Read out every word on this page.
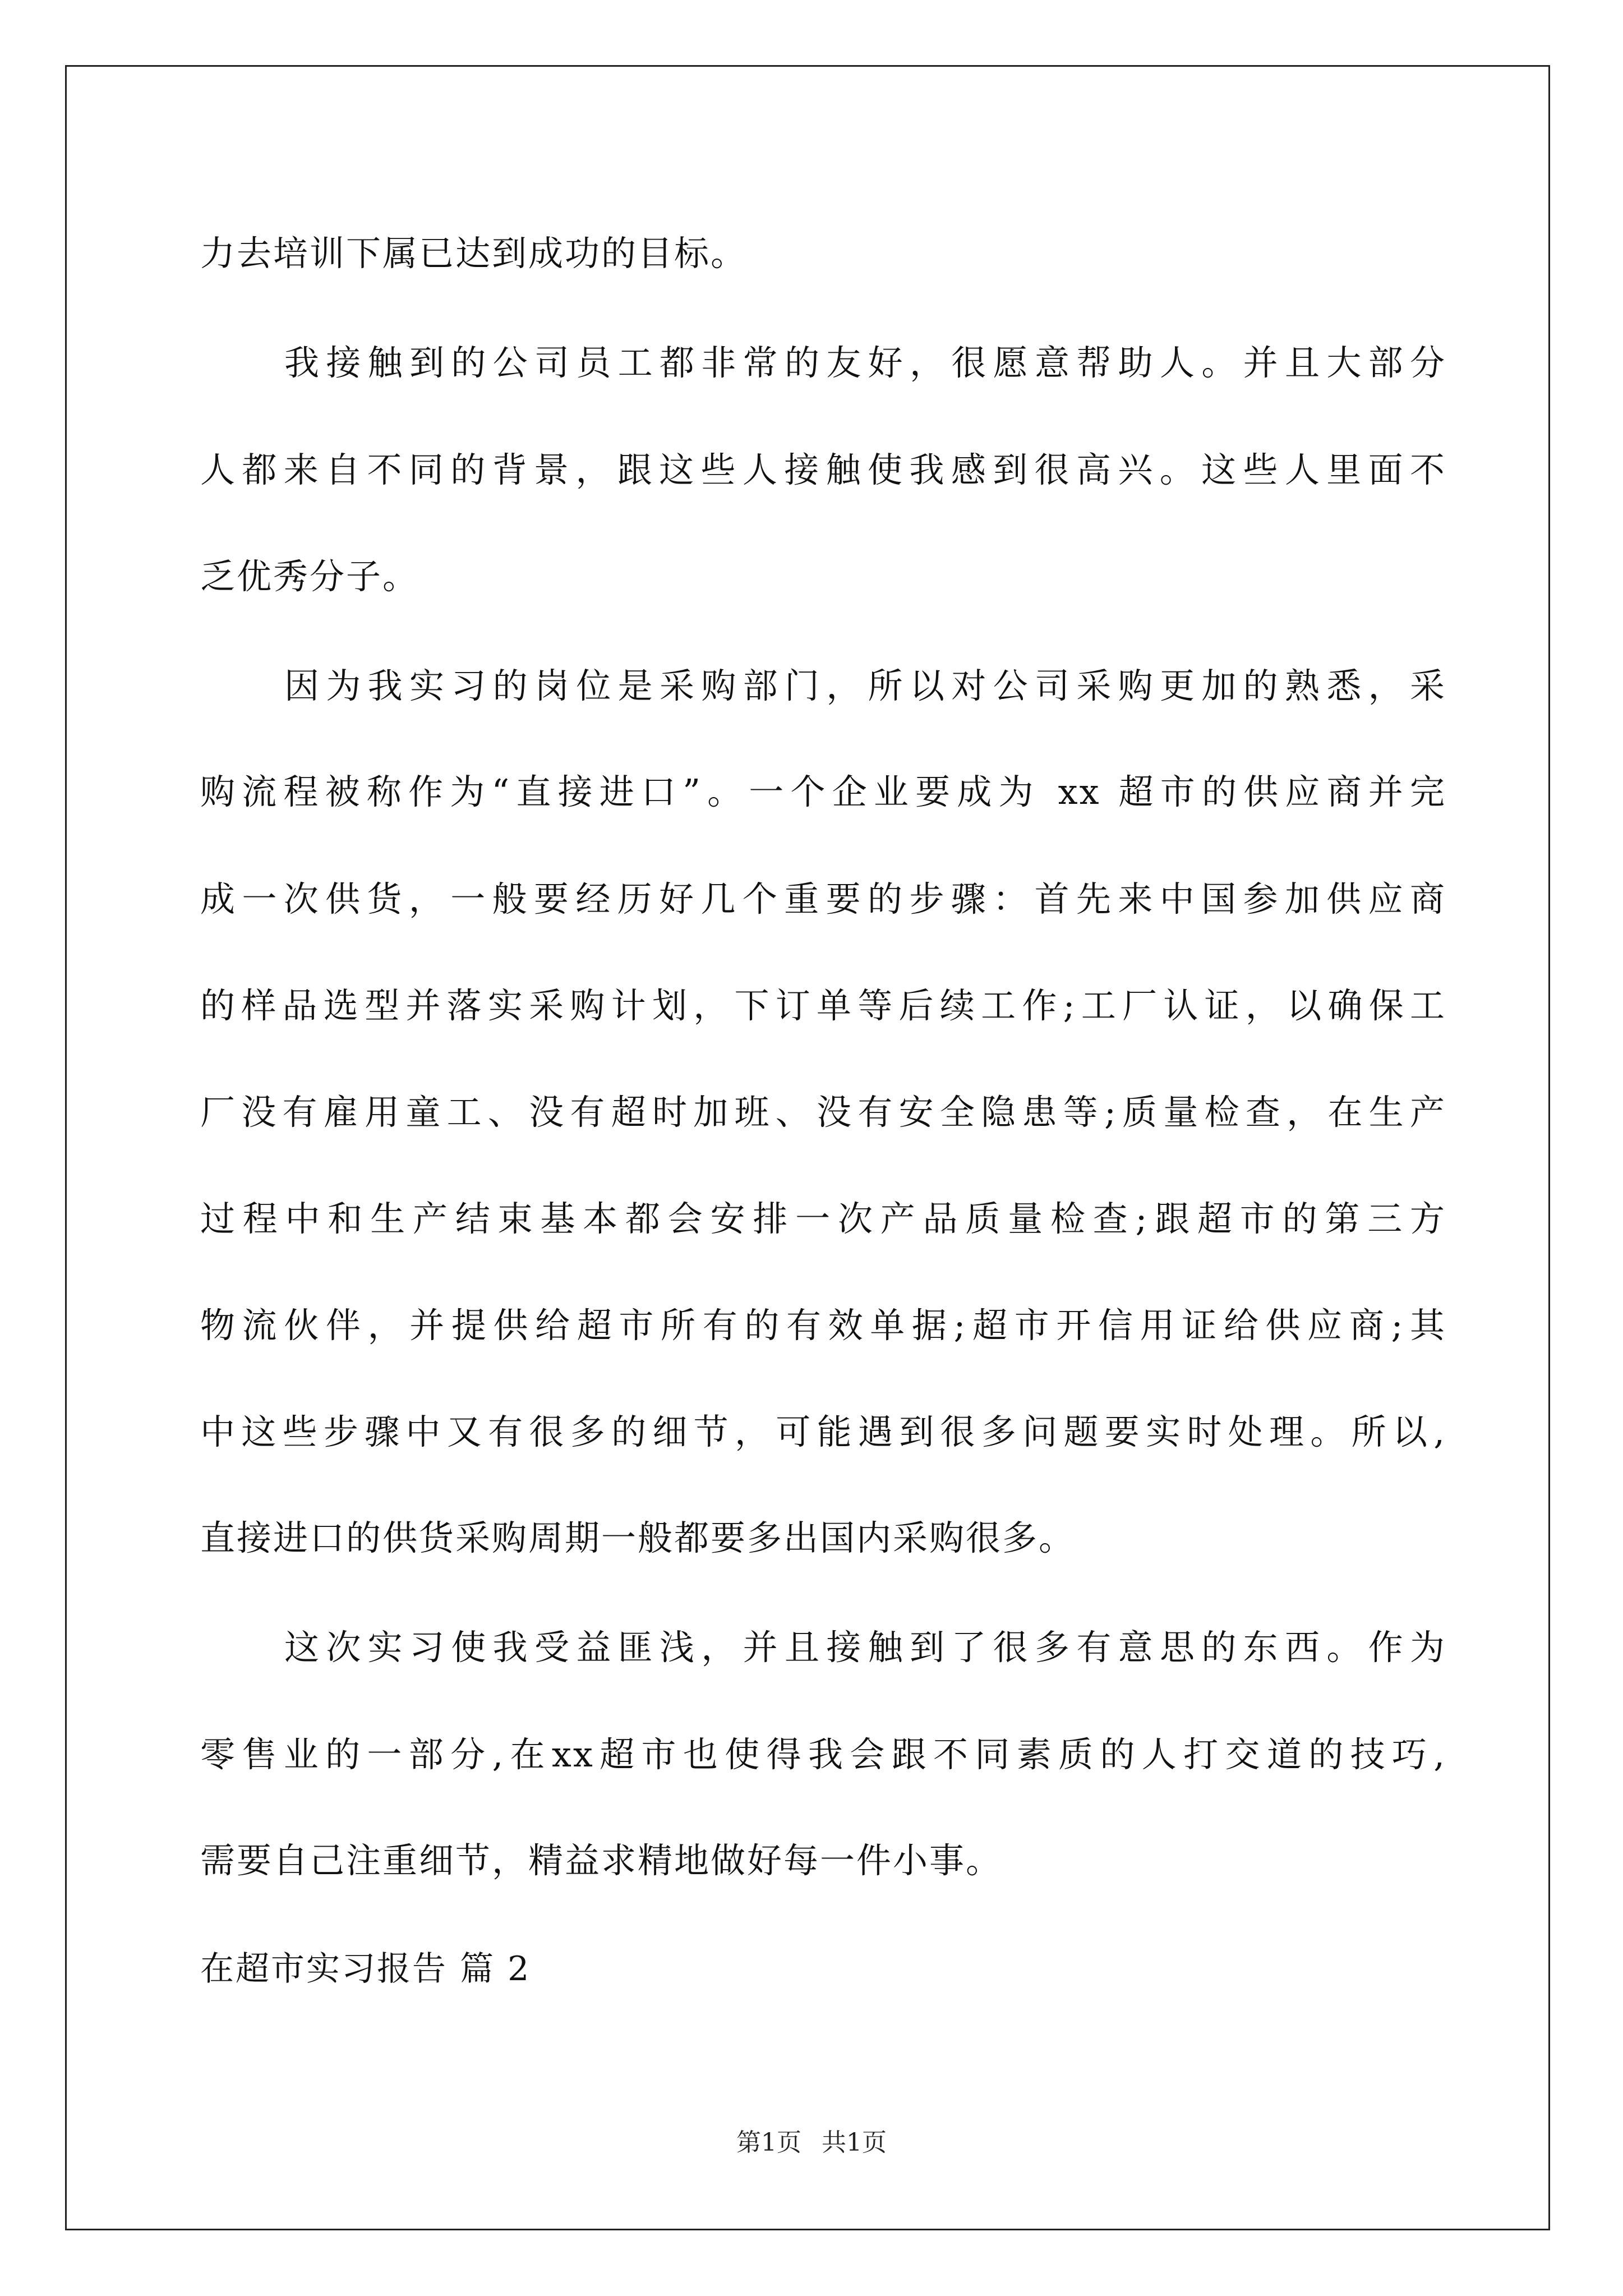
力去培训下属已达到成功的目标。
我接触到的公司员工都非常的友好，很愿意帮助人。并且大部分
人都来自不同的背景，跟这些人接触使我感到很高兴。这些人里面不
乏优秀分子。
因为我实习的岗位是采购部门，所以对公司采购更加的熟悉，采
购流程被称作为“直接进口”。一个企业要成为 xx 超市的供应商并完
成一次供货，一般要经历好几个重要的步骤：首先来中国参加供应商
的样品选型并落实采购计划，下订单等后续工作;工厂认证，以确保工
厂没有雇用童工、没有超时加班、没有安全隐患等;质量检查，在生产
过程中和生产结束基本都会安排一次产品质量检查;跟超市的第三方
物流伙伴，并提供给超市所有的有效单据;超市开信用证给供应商;其
中这些步骤中又有很多的细节，可能遇到很多问题要实时处理。所以,
直接进口的供货采购周期一般都要多出国内采购很多。
这次实习使我受益匪浅，并且接触到了很多有意思的东西。作为
零售业的一部分,在xx超市也使得我会跟不同素质的人打交道的技巧,
需要自己注重细节，精益求精地做好每一件小事。
在超市实习报告 篇 2
第1页 共1页
